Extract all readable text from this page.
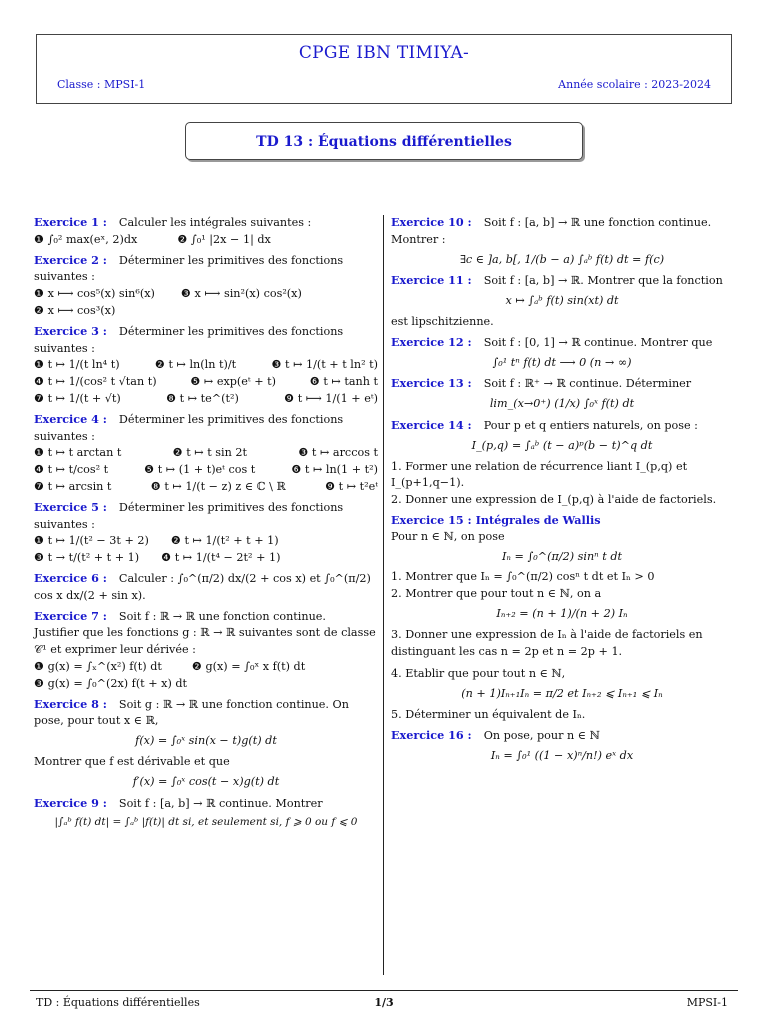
CPGE IBN TIMIYA-
Classe : MPSI-1	Année scolaire : 2023-2024
TD 13 : Équations différentielles
Exercice 1 : Calculer les intégrales suivantes :
❶ ∫₀² max(eˣ, 2)dx	❷ ∫₀¹ |2x − 1| dx
Exercice 2 : Déterminer les primitives des fonctions suivantes :
❶ x ⟼ cos⁵(x) sin⁶(x) ❸ x ⟼ sin²(x) cos²(x)
❷ x ⟼ cos³(x)
Exercice 3 : Déterminer les primitives des fonctions suivantes :
❶ t ↦ 1/(t ln⁴ t)	❷ t ↦ ln(ln t)/t	❸ t ↦ 1/(t + t ln² t)
❹ t ↦ 1/(cos² t √tan t)	❺ ↦ exp(eᵗ + t)	❻ t ↦ tanh t
❼ t ↦ 1/(t + √t)	❽ t ↦ te^(t²)	❾ t ⟼ 1/(1 + eᵗ)
Exercice 4 : Déterminer les primitives des fonctions suivantes :
❶ t ↦ t arctan t	❷ t ↦ t sin 2t	❸ t ↦ arccos t
❹ t ↦ t/cos² t	❺ t ↦ (1 + t)eᵗ cos t	❻ t ↦ ln(1 + t²)
❼ t ↦ arcsin t	❽ t ↦ 1/(t − z) z ∈ ℂ \ ℝ	❾ t ↦ t²eᵗ
Exercice 5 : Déterminer les primitives des fonctions suivantes :
❶ t ↦ 1/(t² − 3t + 2) ❷ t ↦ 1/(t² + t + 1)
❸ t → t/(t² + t + 1) ❹ t ↦ 1/(t⁴ − 2t² + 1)
Exercice 6 : Calculer : ∫₀^(π/2) dx/(2 + cos x) et ∫₀^(π/2) cos x dx/(2 + sin x).
Exercice 7 : Soit f : ℝ → ℝ une fonction continue.
Justifier que les fonctions g : ℝ → ℝ suivantes sont de classe 𝒞¹ et exprimer leur dérivée :
❶ g(x) = ∫ₓ^(x²) f(t) dt	❷ g(x) = ∫₀ˣ x f(t) dt
❸ g(x) = ∫₀^(2x) f(t + x) dt
Exercice 8 : Soit g : ℝ → ℝ une fonction continue. On pose, pour tout x ∈ ℝ,
f(x) = ∫₀ˣ sin(x − t)g(t) dt
Montrer que f est dérivable et que
f′(x) = ∫₀ˣ cos(t − x)g(t) dt
Exercice 9 : Soit f : [a, b] → ℝ continue. Montrer
|∫ₐᵇ f(t) dt| = ∫ₐᵇ |f(t)| dt si, et seulement si, f ⩾ 0 ou f ⩽ 0
Exercice 10 : Soit f : [a, b] → ℝ une fonction continue. Montrer :
∃c ∈ ]a, b[, 1/(b − a) ∫ₐᵇ f(t) dt = f(c)
Exercice 11 : Soit f : [a, b] → ℝ. Montrer que la fonction
x ↦ ∫ₐᵇ f(t) sin(xt) dt
est lipschitzienne.
Exercice 12 : Soit f : [0, 1] → ℝ continue. Montrer que
∫₀¹ tⁿ f(t) dt ⟶ 0 (n → ∞)
Exercice 13 : Soit f : ℝ⁺ → ℝ continue. Déterminer
lim_(x→0⁺) (1/x) ∫₀ˣ f(t) dt
Exercice 14 : Pour p et q entiers naturels, on pose :
I_(p,q) = ∫ₐᵇ (t − a)ᵖ(b − t)^q dt
1. Former une relation de récurrence liant I_(p,q) et I_(p+1,q−1).
2. Donner une expression de I_(p,q) à l'aide de factoriels.
Exercice 15 : Intégrales de Wallis
Pour n ∈ ℕ, on pose
Iₙ = ∫₀^(π/2) sinⁿ t dt
1. Montrer que Iₙ = ∫₀^(π/2) cosⁿ t dt et Iₙ > 0
2. Montrer que pour tout n ∈ ℕ, on a
Iₙ₊₂ = (n + 1)/(n + 2) Iₙ
3. Donner une expression de Iₙ à l'aide de factoriels en distinguant les cas n = 2p et n = 2p + 1.
4. Etablir que pour tout n ∈ ℕ,
(n + 1)Iₙ₊₁Iₙ = π/2 et Iₙ₊₂ ⩽ Iₙ₊₁ ⩽ Iₙ
5. Déterminer un équivalent de Iₙ.
Exercice 16 : On pose, pour n ∈ ℕ
Iₙ = ∫₀¹ ((1 − x)ⁿ/n!) eˣ dx
TD : Équations différentielles	1/3	MPSI-1
